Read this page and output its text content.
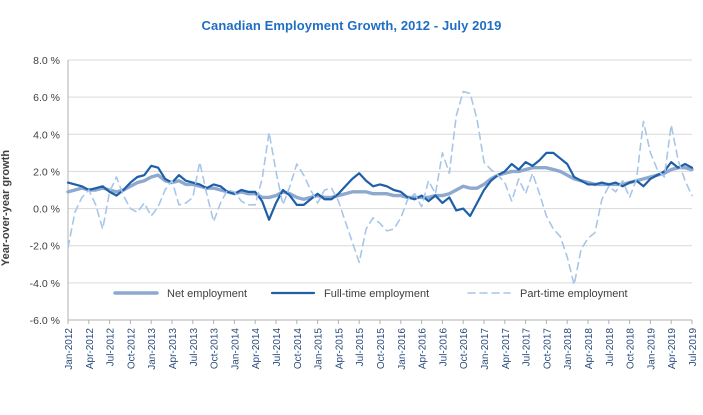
Canadian Employment Growth, 2012 - July 2019
Year-over-year growth
8.0 %
6.0 %
4.0 %
2.0 %
0.0 %
-2.0 %
-4.0 %
-6.0 %
Jan-2012 Apr-2012 Jul-2012 Oct-2012 Jan-2013 Apr-2013 Jul-2013 Oct-2013 Jan-2014 Apr-2014 Jul-2014 Oct-2014 Jan-2015 Apr-2015 Jul-2015 Oct-2015 Jan-2016 Apr-2016 Jul-2016 Oct-2016 Jan-2017 Apr-2017 Jul-2017 Oct-2017 Jan-2018 Apr-2018 Jul-2018 Oct-2018 Jan-2019 Apr-2019 Jul-2019
Net employment	Full-time employment	Part-time employment
